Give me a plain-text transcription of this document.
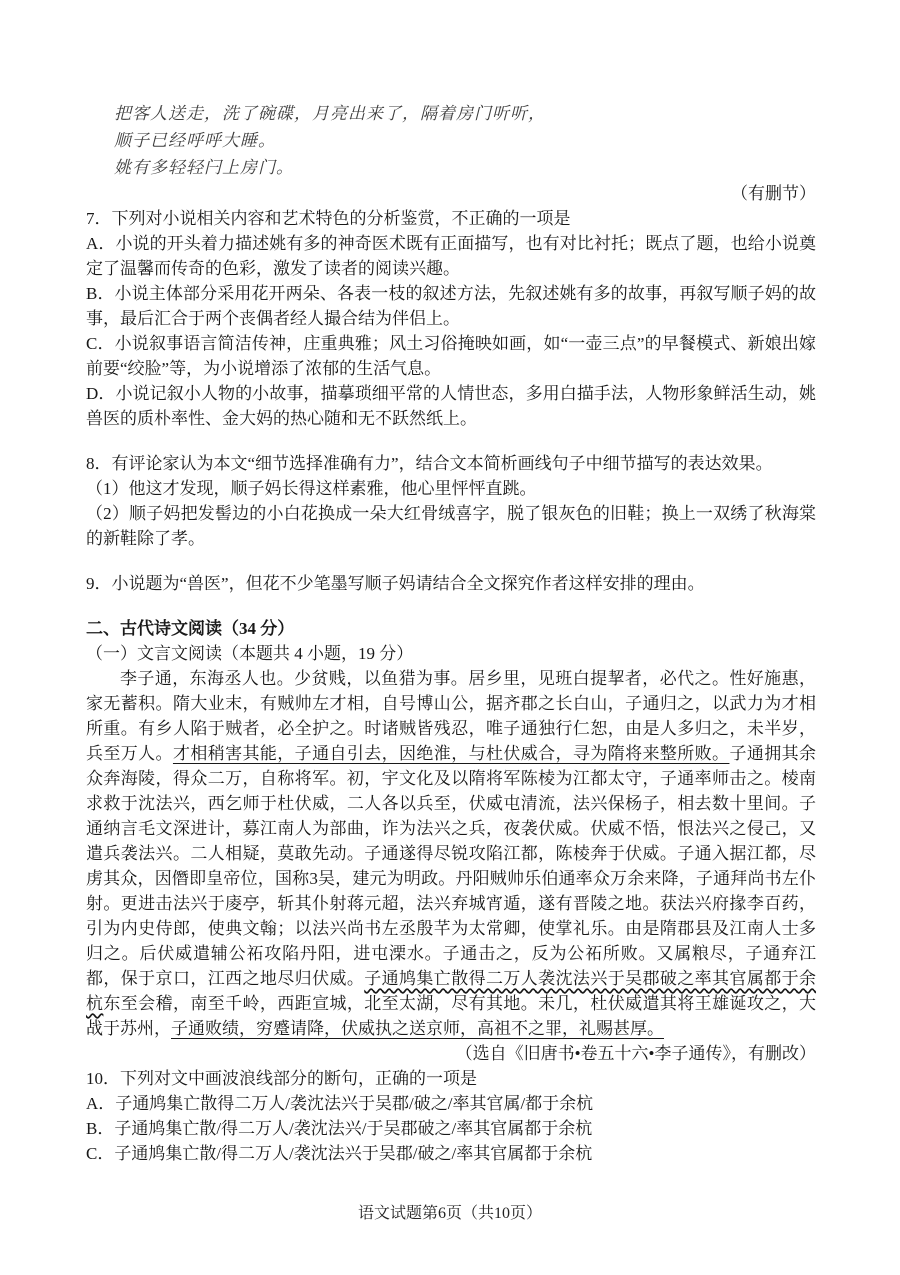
把客人送走，洗了碗碟，月亮出来了，隔着房门听听，

顺子已经呼呼大睡。

姚有多轻轻闩上房门。

（有删节）

7．下列对小说相关内容和艺术特色的分析鉴赏，不正确的一项是

A．小说的开头着力描述姚有多的神奇医术既有正面描写，也有对比衬托；既点了题，也给小说奠定了温馨而传奇的色彩，激发了读者的阅读兴趣。

B．小说主体部分采用花开两朵、各表一枝的叙述方法，先叙述姚有多的故事，再叙写顺子妈的故事，最后汇合于两个丧偶者经人撮合结为伴侣上。

C．小说叙事语言简洁传神，庄重典雅；风土习俗掩映如画，如“一壶三点”的早餐模式、新娘出嫁前要“绞脸”等，为小说增添了浓郁的生活气息。

D．小说记叙小人物的小故事，描摹琐细平常的人情世态，多用白描手法，人物形象鲜活生动，姚兽医的质朴率性、金大妈的热心随和无不跃然纸上。

8．有评论家认为本文“细节选择准确有力”，结合文本简析画线句子中细节描写的表达效果。

（1）他这才发现，顺子妈长得这样素雅，他心里怦怦直跳。

（2）顺子妈把发髻边的小白花换成一朵大红骨绒喜字，脱了银灰色的旧鞋；换上一双绣了秋海棠的新鞋除了孝。

9．小说题为“兽医”，但花不少笔墨写顺子妈请结合全文探究作者这样安排的理由。

二、古代诗文阅读（34 分）

（一）文言文阅读（本题共 4 小题，19 分）

李子通，东海丞人也。少贫贱，以鱼猎为事。居乡里，见班白提挈者，必代之。性好施惠，家无蓄积。隋大业末，有贼帅左才相，自号博山公，据齐郡之长白山，子通归之，以武力为才相所重。有乡人陷于贼者，必全护之。时诸贼皆残忍，唯子通独行仁恕，由是人多归之，未半岁，兵至万人。才相稍害其能，子通自引去，因绝淮，与杜伏威合，寻为隋将来整所败。子通拥其余众奔海陵，得众二万，自称将军。初，宇文化及以隋将军陈棱为江都太守，子通率师击之。棱南求救于沈法兴，西乞师于杜伏威，二人各以兵至，伏威屯清流，法兴保杨子，相去数十里间。子通纳言毛文深进计，募江南人为部曲，诈为法兴之兵，夜袭伏威。伏威不悟，恨法兴之侵己，又遣兵袭法兴。二人相疑，莫敢先动。子通遂得尽锐攻陷江都，陈棱奔于伏威。子通入据江都，尽虏其众，因僭即皇帝位，国称3吴，建元为明政。丹阳贼帅乐伯通率众万余来降，子通拜尚书左仆射。更进击法兴于庱亭，斩其仆射蒋元超，法兴弃城宵遁，遂有晋陵之地。获法兴府掾李百药，引为内史侍郎，使典文翰；以法兴尚书左丞殷芊为太常卿，使掌礼乐。由是隋郡县及江南人士多归之。后伏威遣辅公祏攻陷丹阳，进屯溧水。子通击之，反为公祏所败。又属粮尽，子通弃江都，保于京口，江西之地尽归伏威。子通鸠集亡散得二万人袭沈法兴于吴郡破之率其官属都于余杭东至会稽，南至千岭，西距宣城，北至太湖，尽有其地。未几，杜伏威遣其将王雄诞攻之，大战于苏州，子通败绩，穷蹙请降，伏威执之送京师，高祖不之罪，礼赐甚厚。

（选自《旧唐书•卷五十六•李子通传》，有删改）

10．下列对文中画波浪线部分的断句，正确的一项是

A．子通鸠集亡散得二万人/袭沈法兴于吴郡/破之/率其官属/都于余杭

B．子通鸠集亡散/得二万人/袭沈法兴/于吴郡破之/率其官属都于余杭

C．子通鸠集亡散/得二万人/袭沈法兴于吴郡/破之/率其官属都于余杭

语文试题第6页（共10页）
